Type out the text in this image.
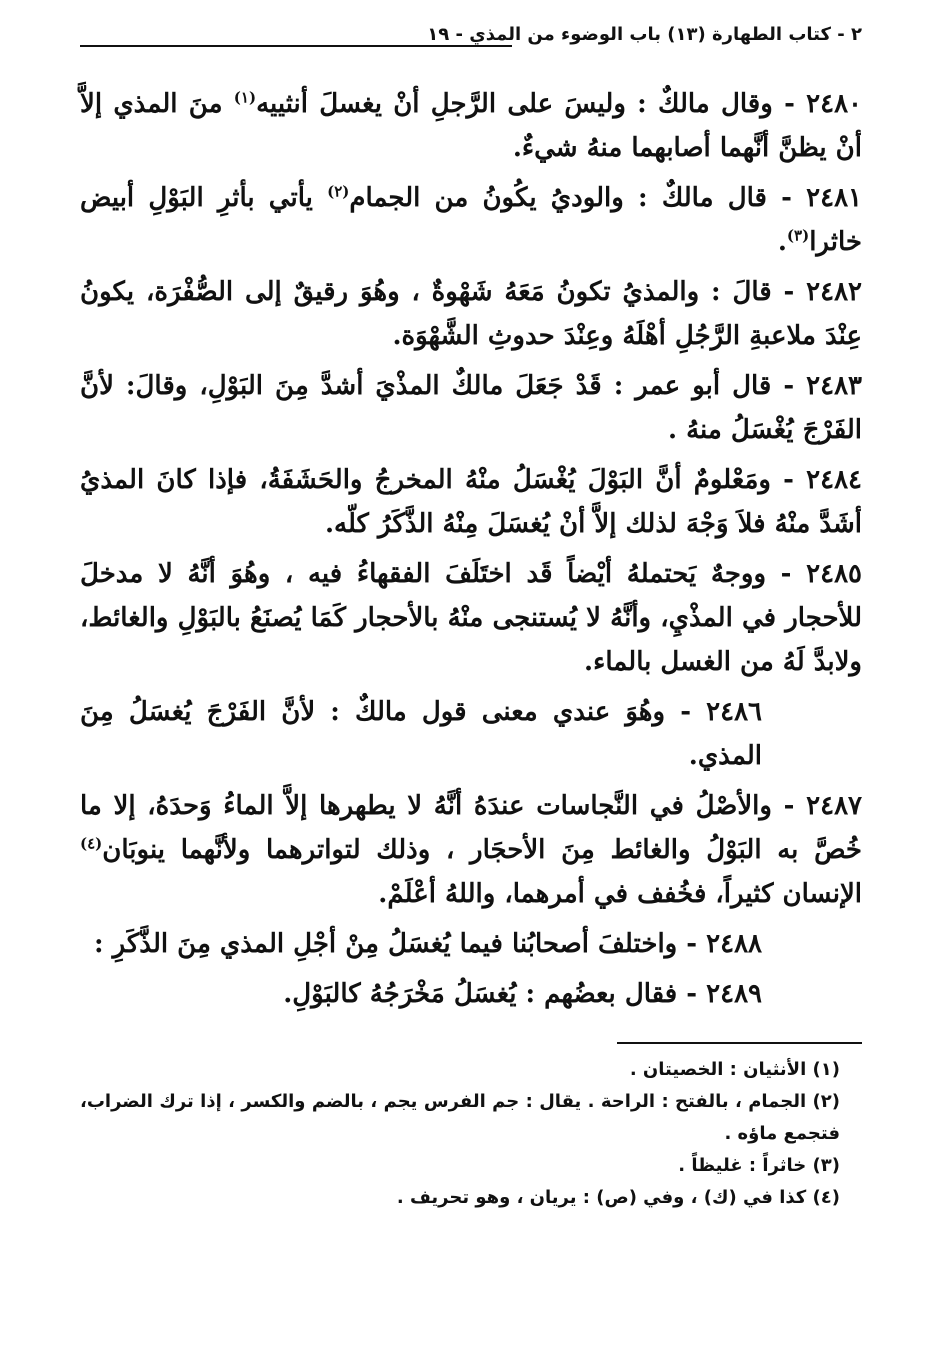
٢ - كتاب الطهارة (١٣) باب الوضوء من المذي - ١٩

٢٤٨٠ - وقال مالكٌ : وليسَ على الرَّجلِ أنْ يغسلَ أنثييه$^{(١)}$ منَ المذي إلاَّ أنْ يظنَّ أنَّهما أصابهما منهُ شيءٌ.

٢٤٨١ - قال مالكٌ : والوديُ يكُونُ من الجمام$^{(٢)}$ يأتي بأثرِ البَوْلِ أبيض خاثرا$^{(٣)}$.

٢٤٨٢ - قالَ : والمذيُ تكونُ مَعَهُ شَهْوةٌ ، وهُوَ رقيقٌ إلى الصُّفْرَة، يكونُ عِنْدَ ملاعبةِ الرَّجُلِ أهْلَهُ وعِنْدَ حدوثِ الشَّهْوَة.

٢٤٨٣ - قال أبو عمر : قَدْ جَعَلَ مالكٌ المذْيَ أشدَّ مِنَ البَوْلِ، وقالَ: لأنَّ الفَرْجَ يُغْسَلُ منهُ .

٢٤٨٤ - ومَعْلومٌ أنَّ البَوْلَ يُغْسَلُ منْهُ المخرجُ والحَشَفَةُ، فإذا كانَ المذيُ أشَدَّ منْهُ فلاَ وَجْهَ لذلك إلاَّ أنْ يُغسَلَ مِنْهُ الذَّكَرُ كلّه.

٢٤٨٥ - ووجهٌ يَحتملهُ أيْضاً قَد اختَلَفَ الفقهاءُ فيه ، وهُوَ أنَّهُ لا مدخلَ للأحجار في المذْيِ، وأنَّهُ لا يُستنجى منْهُ بالأحجار كَمَا يُصنَعُ بالبَوْلِ والغائط، ولابدَّ لَهُ من الغسل بالماء.

٢٤٨٦ - وهُوَ عندي معنى قول مالكٌ : لأنَّ الفَرْجَ يُغسَلُ مِنَ المذي.

٢٤٨٧ - والأصْلُ في النَّجاسات عندَهُ أنَّهُ لا يطهرها إلاَّ الماءُ وَحدَهُ، إلا ما خُصَّ به البَوْلُ والغائط مِنَ الأحجَار ، وذلك لتواترهما ولأنَّهما ينوبَان$^{(٤)}$ الإنسان كثيراً، فخُفف في أمرهما، واللهُ أعْلَمْ.

٢٤٨٨ - واختلفَ أصحابُنا فيما يُغسَلُ مِنْ أجْلِ المذي مِنَ الذَّكَرِ :

٢٤٨٩ - فقال بعضُهم : يُغسَلُ مَخْرَجُهُ كالبَوْلِ.

(١) الأنثيان : الخصيتان .

(٢) الجمام ، بالفتح : الراحة . يقال : جم الفرس يجم ، بالضم والكسر ، إذا ترك الضراب، فتجمع ماؤه .

(٣) خاثراً : غليظاً .

(٤) كذا في (ك) ، وفي (ص) : يريان ، وهو تحريف .
